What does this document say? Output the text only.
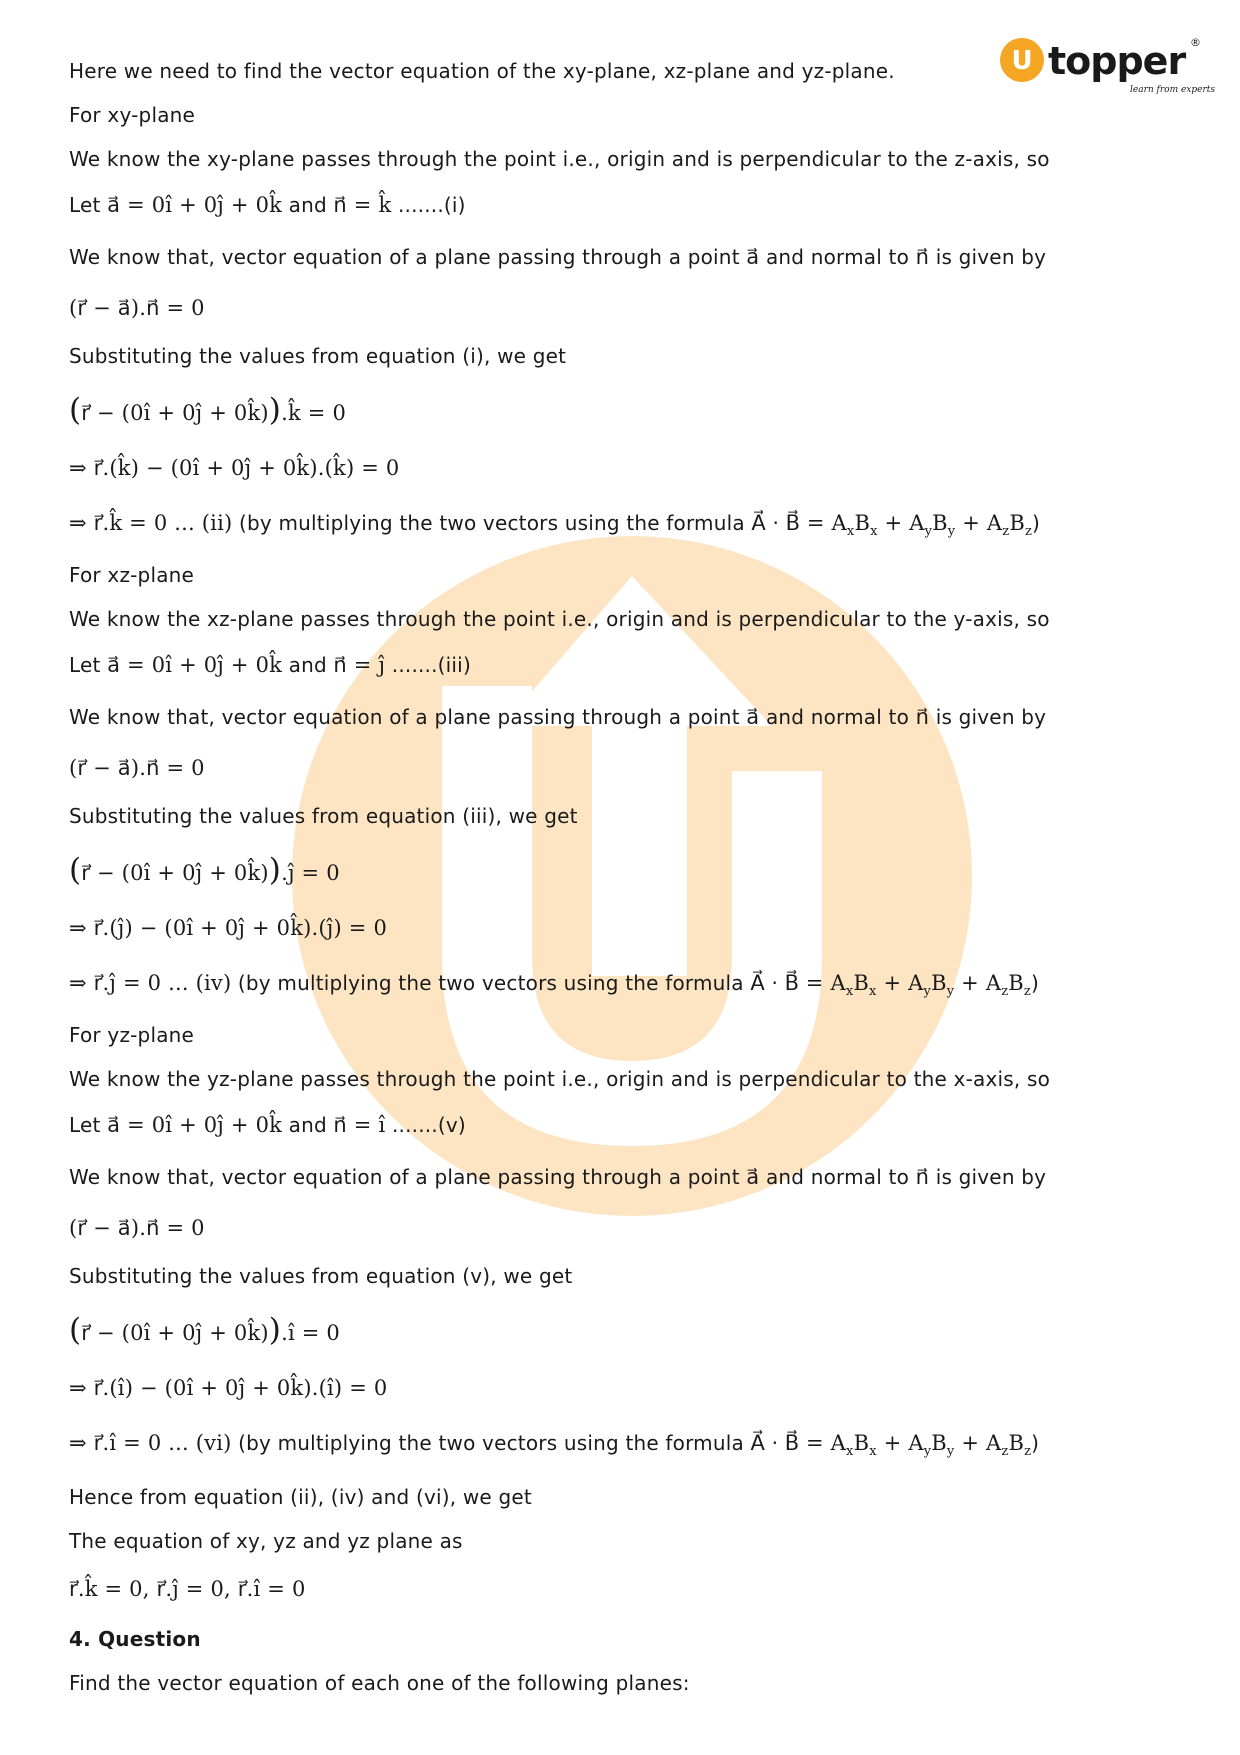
U topper ®
learn from experts
Here we need to find the vector equation of the xy-plane, xz-plane and yz-plane.
For xy-plane
We know the xy-plane passes through the point i.e., origin and is perpendicular to the z-axis, so
Let a⃗ = 0î + 0ĵ + 0k̂ and n⃗ = k̂ .......(i)
We know that, vector equation of a plane passing through a point a⃗ and normal to n⃗ is given by
(r⃗ − a⃗).n⃗ = 0
Substituting the values from equation (i), we get
(r⃗ − (0î + 0ĵ + 0k̂)).k̂ = 0
⇒ r⃗.(k̂) − (0î + 0ĵ + 0k̂).(k̂) = 0
⇒ r⃗.k̂ = 0 ... (ii) (by multiplying the two vectors using the formula A⃗ · B⃗ = $A_xB_x + A_yB_y + A_zB_z$)
For xz-plane
We know the xz-plane passes through the point i.e., origin and is perpendicular to the y-axis, so
Let a⃗ = 0î + 0ĵ + 0k̂ and n⃗ = ĵ .......(iii)
We know that, vector equation of a plane passing through a point a⃗ and normal to n⃗ is given by
(r⃗ − a⃗).n⃗ = 0
Substituting the values from equation (iii), we get
(r⃗ − (0î + 0ĵ + 0k̂)).ĵ = 0
⇒ r⃗.(ĵ) − (0î + 0ĵ + 0k̂).(ĵ) = 0
⇒ r⃗.ĵ = 0 ... (iv) (by multiplying the two vectors using the formula A⃗ · B⃗ = $A_xB_x + A_yB_y + A_zB_z$)
For yz-plane
We know the yz-plane passes through the point i.e., origin and is perpendicular to the x-axis, so
Let a⃗ = 0î + 0ĵ + 0k̂ and n⃗ = î .......(v)
We know that, vector equation of a plane passing through a point a⃗ and normal to n⃗ is given by
(r⃗ − a⃗).n⃗ = 0
Substituting the values from equation (v), we get
(r⃗ − (0î + 0ĵ + 0k̂)).î = 0
⇒ r⃗.(î) − (0î + 0ĵ + 0k̂).(î) = 0
⇒ r⃗.î = 0 ... (vi) (by multiplying the two vectors using the formula A⃗ · B⃗ = $A_xB_x + A_yB_y + A_zB_z$)
Hence from equation (ii), (iv) and (vi), we get
The equation of xy, yz and yz plane as
r⃗.k̂ = 0, r⃗.ĵ = 0, r⃗.î = 0
4. Question
Find the vector equation of each one of the following planes:
